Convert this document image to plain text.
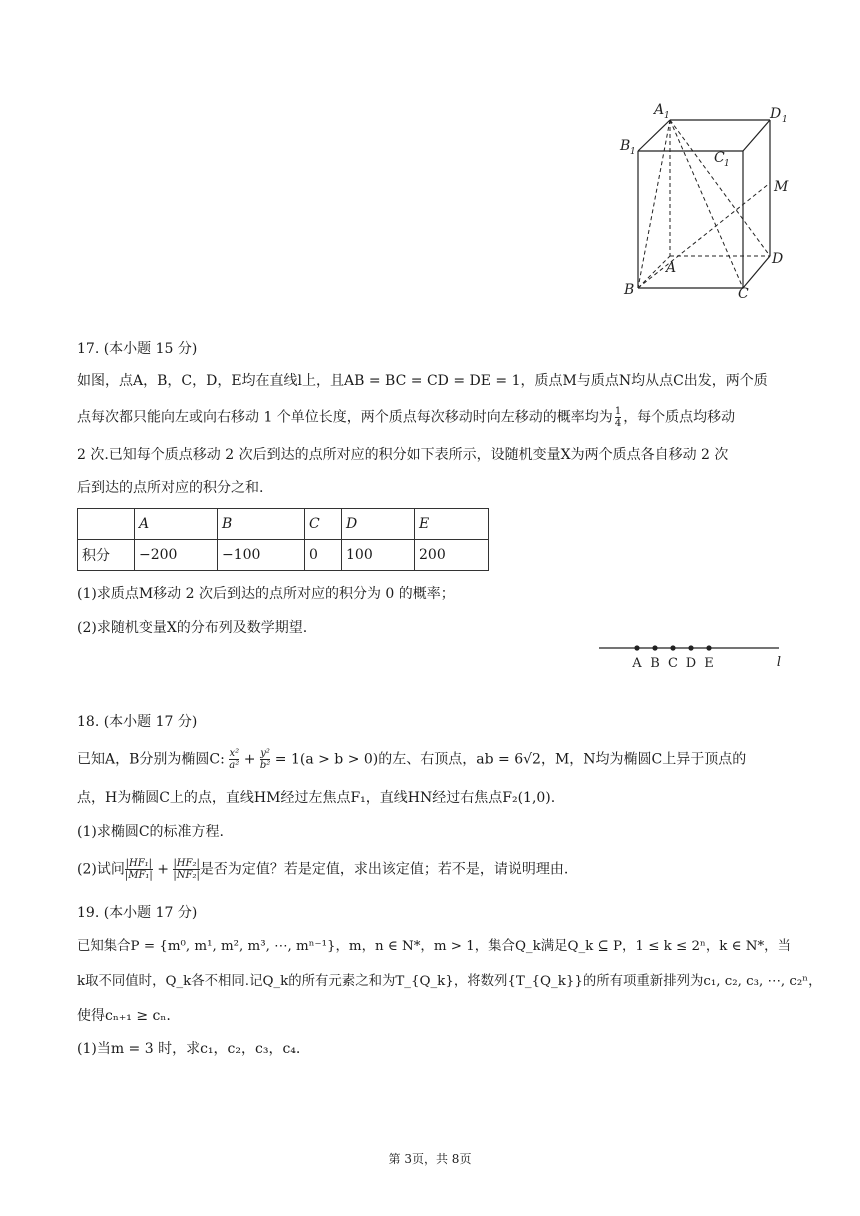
A 1	D 1
B 1	C 1
M
A
D
B	C
17. (本小题 15 分)
如图，点A，B，C，D，E均在直线l上，且AB = BC = CD = DE = 1，质点M与质点N均从点C出发，两个质
点每次都只能向左或向右移动 1 个单位长度，两个质点每次移动时向左移动的概率均为 $\frac{1}{4}$ ，每个质点均移动
2 次.已知每个质点移动 2 次后到达的点所对应的积分如下表所示，设随机变量X为两个质点各自移动 2 次
后到达的点所对应的积分之和.
	A	B	C	D	E
积分	−200	−100	0	100	200
(1)求质点M移动 2 次后到达的点所对应的积分为 0 的概率；
(2)求随机变量X的分布列及数学期望.
A B C D E	l
18. (本小题 17 分)
已知A，B分别为椭圆C: $\frac{\text{x²}}{\text{a²}} + \frac{\text{y²}}{\text{b²}} = 1(a > b > 0)$的左、右顶点，ab = 6√2，M，N均为椭圆C上异于顶点的
点，H为椭圆C上的点，直线HM经过左焦点F₁，直线HN经过右焦点F₂(1,0).
(1)求椭圆C的标准方程.
(2)试问 $\frac{\text{|HF₁|}}{\text{|MF₁|}} + \frac{\text{|HF₂|}}{\text{|NF₂|}}$ 是否为定值？若是定值，求出该定值；若不是，请说明理由.
19. (本小题 17 分)
已知集合P = {m⁰, m¹, m², m³, ⋯, mⁿ⁻¹}，m，n ∈ N*，m > 1，集合Q_k满足Q_k ⊆ P，1 ≤ k ≤ 2ⁿ，k ∈ N*，当
k取不同值时，Q_k各不相同.记Q_k的所有元素之和为T_{Q_k}，将数列{T_{Q_k}}的所有项重新排列为c₁, c₂, c₃, ⋯, c₂ⁿ，
使得cₙ₊₁ ≥ cₙ.
(1)当m = 3 时，求c₁，c₂，c₃，c₄.
第 3页，共 8页
